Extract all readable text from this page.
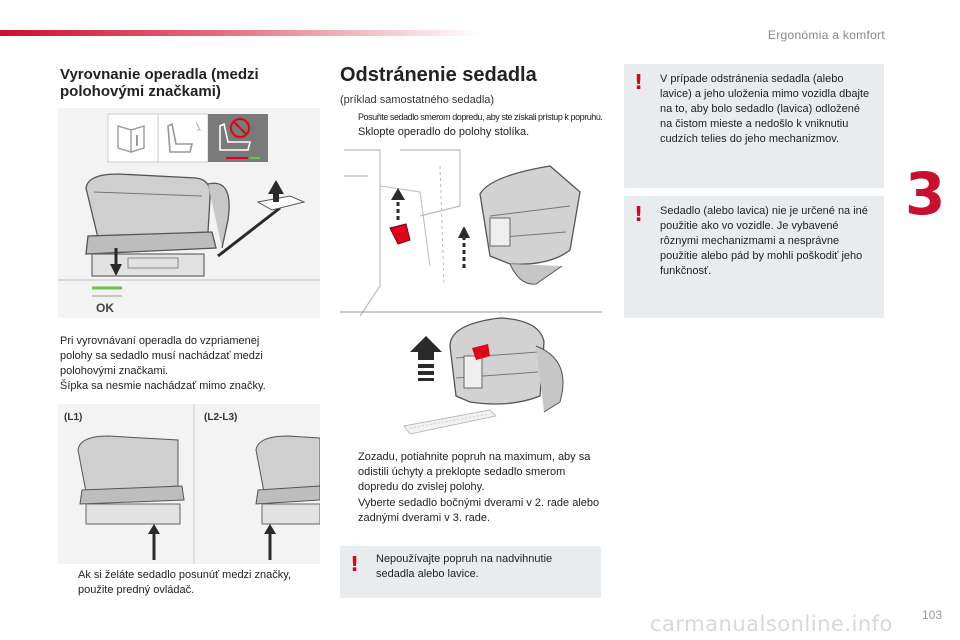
Ergonómia a komfort
3
Vyrovnanie operadla (medzi polohovými značkami)
OK
Pri vyrovnávaní operadla do vzpriamenej
polohy sa sedadlo musí nachádzať medzi
polohovými značkami.
Šípka sa nesmie nachádzať mimo značky.
(L1)	(L2-L3)
Ak si želáte sedadlo posunúť medzi značky, použite predný ovládač.
Odstránenie sedadla
(príklad samostatného sedadla)
Posuňte sedadlo smerom dopredu, aby ste získali prístup k popruhu.
Sklopte operadlo do polohy stolíka.
Zozadu, potiahnite popruh na maximum, aby sa odistili úchyty a preklopte sedadlo smerom dopredu do zvislej polohy.
Vyberte sedadlo bočnými dverami v 2. rade alebo zadnými dverami v 3. rade.
! Nepoužívajte popruh na nadvihnutie sedadla alebo lavice.
! V prípade odstránenia sedadla (alebo lavice) a jeho uloženia mimo vozidla dbajte na to, aby bolo sedadlo (lavica) odložené na čistom mieste a nedošlo k vniknutiu cudzích telies do jeho mechanizmov.
! Sedadlo (alebo lavica) nie je určené na iné použitie ako vo vozidle. Je vybavené rôznymi mechanizmami a nesprávne použitie alebo pád by mohli poškodiť jeho funkčnosť.
carmanualsonline.info 103
